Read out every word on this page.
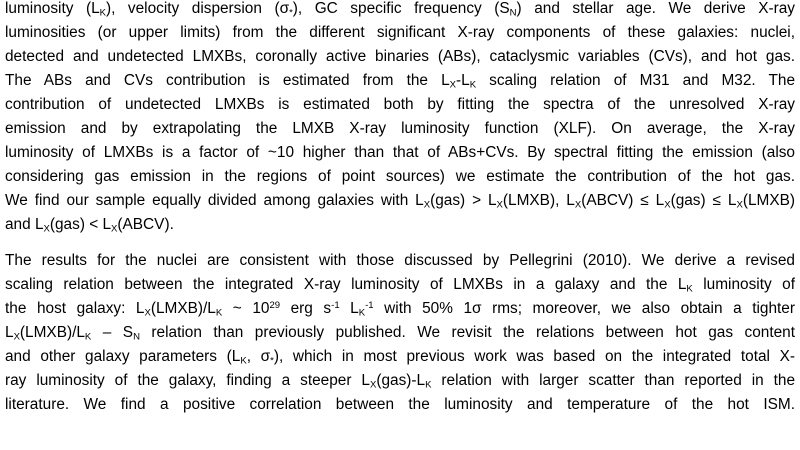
luminosity $(L_K)$, velocity dispersion $(\sigma_*)$, GC specific frequency $(S_N)$ and stellar age. We derive X-ray
luminosities (or upper limits) from the different significant X-ray components of these galaxies: nuclei,
detected and undetected LMXBs, coronally active binaries (ABs), cataclysmic variables (CVs), and hot gas.
The ABs and CVs contribution is estimated from the $L_X-L_K$ scaling relation of M31 and M32. The
contribution of undetected LMXBs is estimated both by fitting the spectra of the unresolved X-ray
emission and by extrapolating the LMXB X-ray luminosity function (XLF). On average, the X-ray
luminosity of LMXBs is a factor of ~10 higher than that of ABs+CVs. By spectral fitting the emission (also
considering gas emission in the regions of point sources) we estimate the contribution of the hot gas.
We find our sample equally divided among galaxies with $L_X(gas)$ > $L_X(LMXB)$, $L_X(ABCV) \le L_X(gas)$ ≤ $L_X(LMXB)$
and $L_X(gas)$ < $L_X(ABCV)$.
The results for the nuclei are consistent with those discussed by Pellegrini (2010). We derive a revised
scaling relation between the integrated X-ray luminosity of LMXBs in a galaxy and the $L_K$ luminosity of
the host galaxy: $L_X(LMXB)/L_K$ ~ $10^{29}$ erg $s^{-1}$ $L_K^{-1}$ with 50% 1σ rms; moreover, we also obtain a tighter
$L_X(LMXB)/L_K - S_N$ relation than previously published. We revisit the relations between hot gas content
and other galaxy parameters ($L_K$, $\sigma_*$), which in most previous work was based on the integrated total X-
ray luminosity of the galaxy, finding a steeper $L_X(gas)-L_K$ relation with larger scatter than reported in the
literature. We find a positive correlation between the luminosity and temperature of the hot ISM.
